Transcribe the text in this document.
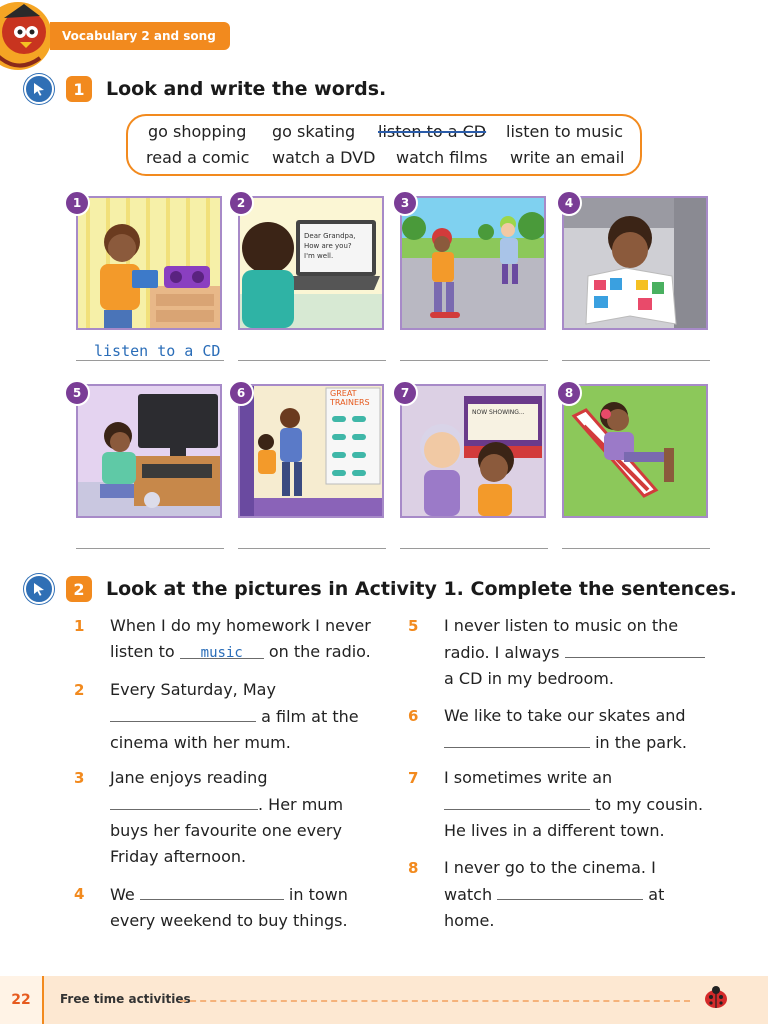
Vocabulary 2 and song
1	Look and write the words.
go shopping go skating listen to a CD listen to music
read a comic watch a DVD watch films write an email
1
listen to a CD
Dear Grandpa,
How are you?
I'm well.
2	3	4
5	GREAT
TRAINERS
6
NOW SHOWING...
7	8
2	Look at the pictures in Activity 1. Complete the sentences.
1 When I do my homework I never
listen to music on the radio.
2 Every Saturday, May
a film at the
cinema with her mum.
3 Jane enjoys reading
. Her mum
buys her favourite one every
Friday afternoon.
4 We	in town
every weekend to buy things.
5 I never listen to music on the
radio. I always
a CD in my bedroom.
6 We like to take our skates and
in the park.
7 I sometimes write an
to my cousin.
He lives in a different town.
8 I never go to the cinema. I
watch	at
home.
22	Free time activities
